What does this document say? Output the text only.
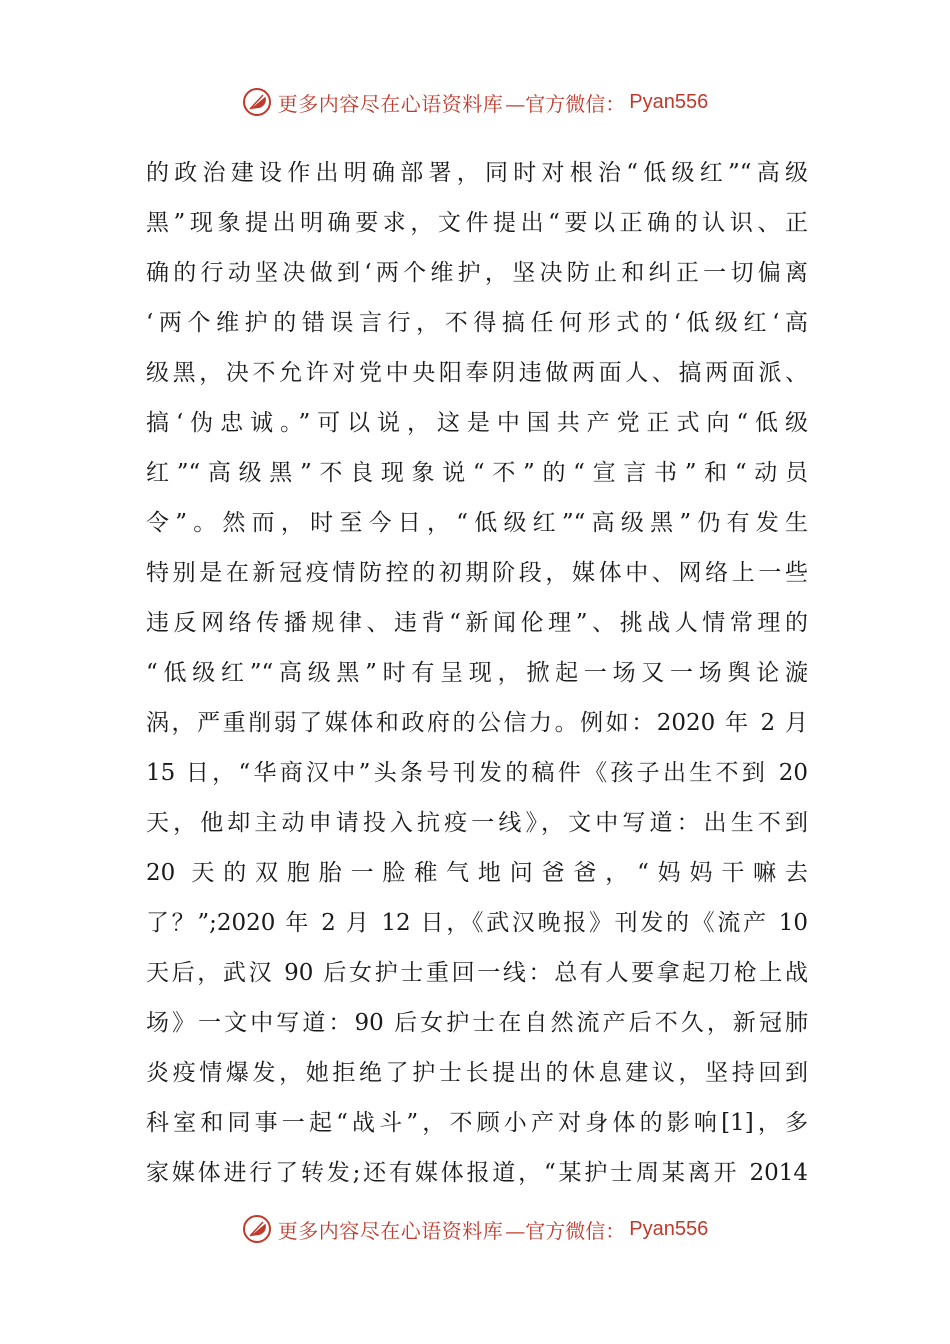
更多内容尽在心语资料库 —官方微信： Pyan556
的政治建设作出明确部署，同时对根治“低级红”“高级
黑”现象提出明确要求，文件提出“要以正确的认识、正
确的行动坚决做到‘两个维护，坚决防止和纠正一切偏离
‘两个维护的错误言行，不得搞任何形式的‘低级红‘高
级黑，决不允许对党中央阳奉阴违做两面人、搞两面派、
搞‘伪忠诚。”可以说，这是中国共产党正式向“低级
红”“高级黑”不良现象说“不”的“宣言书”和“动员
令”。然而，时至今日，“低级红”“高级黑”仍有发生
特别是在新冠疫情防控的初期阶段，媒体中、网络上一些
违反网络传播规律、违背“新闻伦理”、挑战人情常理的
“低级红”“高级黑”时有呈现，掀起一场又一场舆论漩
涡，严重削弱了媒体和政府的公信力。例如：2020 年 2 月
15 日，“华商汉中”头条号刊发的稿件《孩子出生不到 20
天，他却主动申请投入抗疫一线》，文中写道：出生不到
20 天的双胞胎一脸稚气地问爸爸，“妈妈干嘛去
了？”;2020 年 2 月 12 日，《武汉晚报》刊发的《流产 10
天后，武汉 90 后女护士重回一线：总有人要拿起刀枪上战
场》一文中写道：90 后女护士在自然流产后不久，新冠肺
炎疫情爆发，她拒绝了护士长提出的休息建议，坚持回到
科室和同事一起“战斗”，不顾小产对身体的影响[1]，多
家媒体进行了转发;还有媒体报道，“某护士周某离开 2014
更多内容尽在心语资料库 —官方微信： Pyan556
